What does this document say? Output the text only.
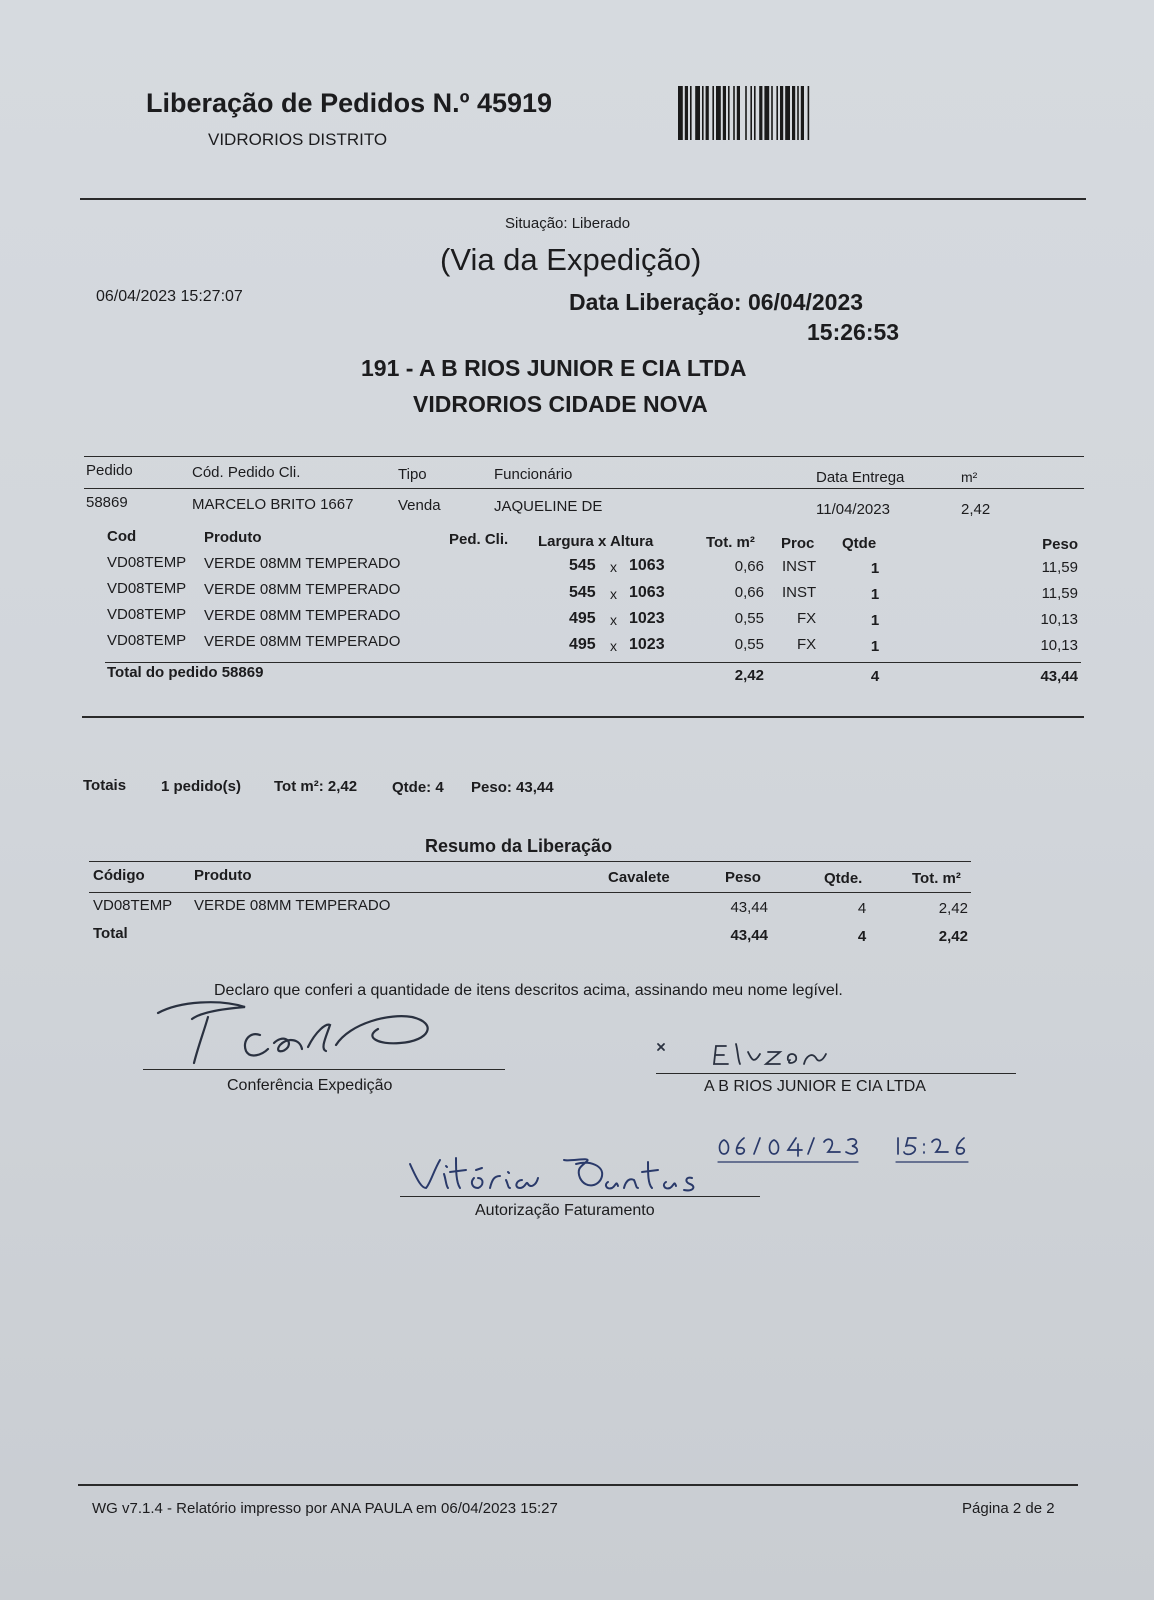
Liberação de Pedidos N.º 45919
VIDRORIOS DISTRITO
Situação: Liberado
(Via da Expedição)
06/04/2023 15:27:07	Data Liberação: 06/04/2023
15:26:53
191 - A B RIOS JUNIOR E CIA LTDA
VIDRORIOS CIDADE NOVA
Pedido	Cód. Pedido Cli.	Tipo	Funcionário	Data Entrega	m²
58869	MARCELO BRITO 1667	Venda	JAQUELINE DE	11/04/2023	2,42
Cod	Produto	Ped. Cli. Largura x Altura	Tot. m² Proc Qtde	Peso
VD08TEMP VERDE 08MM TEMPERADO	545 x 1063	0,66 INST	1	11,59
VD08TEMP VERDE 08MM TEMPERADO	545 x 1063	0,66 INST	1	11,59
VD08TEMP VERDE 08MM TEMPERADO	495 x 1023	0,55 FX	1	10,13
VD08TEMP VERDE 08MM TEMPERADO	495 x 1023	0,55 FX	1	10,13
Total do pedido 58869	2,42	4	43,44
Totais 1 pedido(s) Tot m²: 2,42 Qtde: 4 Peso: 43,44
Resumo da Liberação
Código	Produto	Cavalete	Peso	Qtde.	Tot. m²
VD08TEMP VERDE 08MM TEMPERADO	43,44	4	2,42
Total	43,44	4	2,42
Declaro que conferi a quantidade de itens descritos acima, assinando meu nome legível.
Conferência Expedição	A B RIOS JUNIOR E CIA LTDA
Autorização Faturamento
WG v7.1.4 - Relatório impresso por ANA PAULA em 06/04/2023 15:27	Página 2 de 2
